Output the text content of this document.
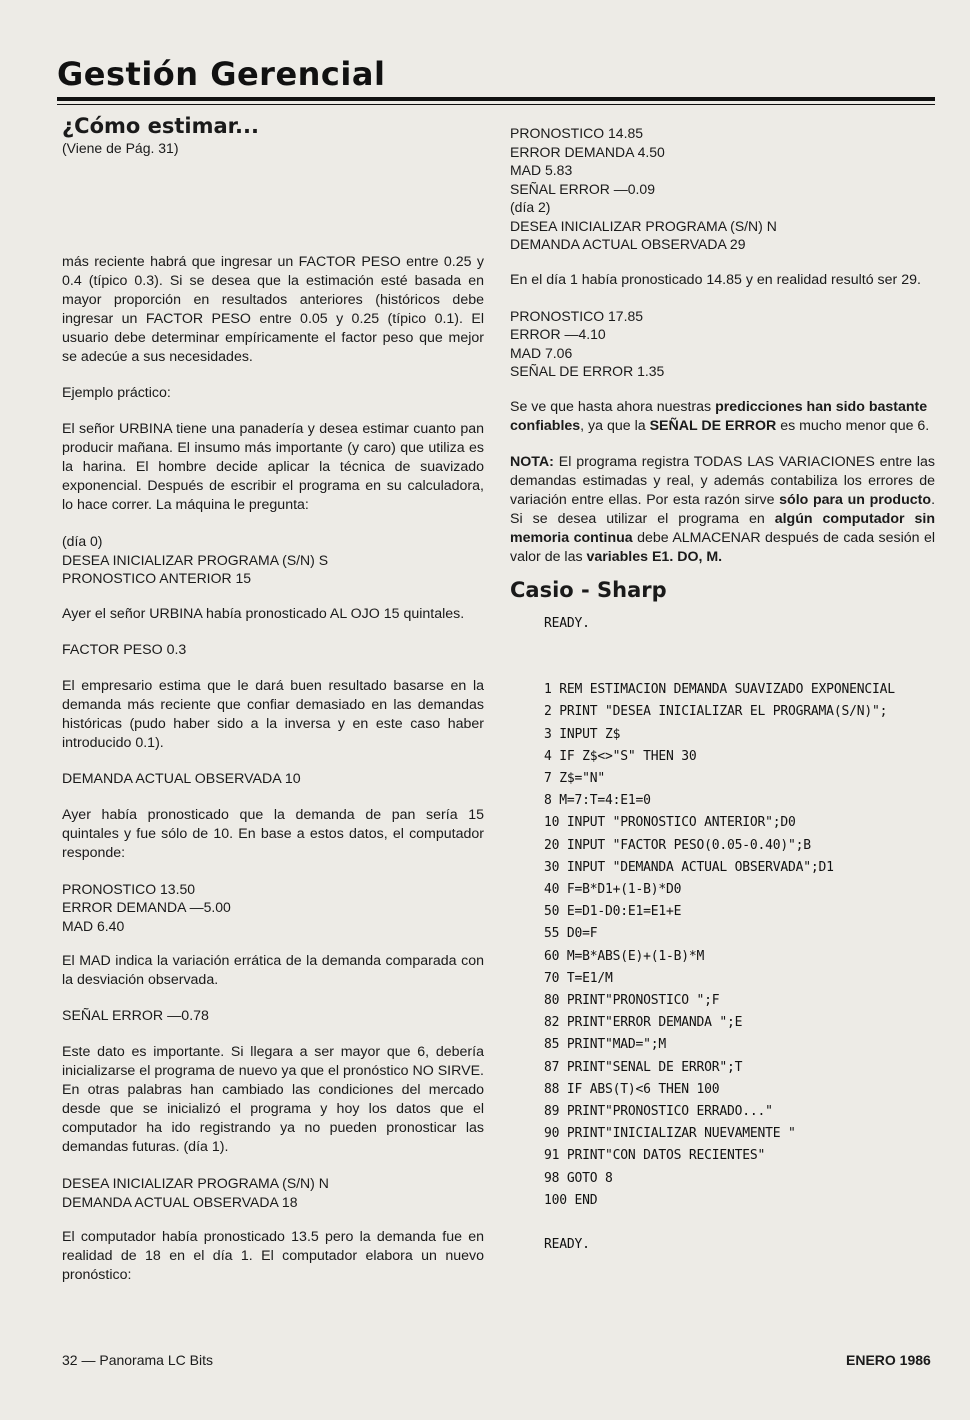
Gestión Gerencial
¿Cómo estimar...

(Viene de Pág. 31)

más reciente habrá que ingresar un FACTOR PESO entre 0.25 y 0.4 (típico 0.3). Si se desea que la estimación esté basada en mayor proporción en resultados anteriores (históricos debe ingresar un FACTOR PESO entre 0.05 y 0.25 (típico 0.1). El usuario debe determinar empíricamente el factor peso que mejor se adecúe a sus necesidades.

Ejemplo práctico:

El señor URBINA tiene una panadería y desea estimar cuanto pan producir mañana. El insumo más importante (y caro) que utiliza es la harina. El hombre decide aplicar la técnica de suavizado exponencial. Después de escribir el programa en su calculadora, lo hace correr. La máquina le pregunta:

(día 0)
DESEA INICIALIZAR PROGRAMA (S/N) S
PRONOSTICO ANTERIOR 15

Ayer el señor URBINA había pronosticado AL OJO 15 quintales.

FACTOR PESO 0.3

El empresario estima que le dará buen resultado basarse en la demanda más reciente que confiar demasiado en las demandas históricas (pudo haber sido a la inversa y en este caso haber introducido 0.1).

DEMANDA ACTUAL OBSERVADA 10

Ayer había pronosticado que la demanda de pan sería 15 quintales y fue sólo de 10. En base a estos datos, el computador responde:

PRONOSTICO 13.50
ERROR DEMANDA —5.00
MAD 6.40

El MAD indica la variación errática de la demanda comparada con la desviación observada.

SEÑAL ERROR —0.78

Este dato es importante. Si llegara a ser mayor que 6, debería inicializarse el programa de nuevo ya que el pronóstico NO SIRVE. En otras palabras han cambiado las condiciones del mercado desde que se inicializó el programa y hoy los datos que el computador ha ido registrando ya no pueden pronosticar las demandas futuras. (día 1).

DESEA INICIALIZAR PROGRAMA (S/N) N
DEMANDA ACTUAL OBSERVADA 18

El computador había pronosticado 13.5 pero la demanda fue en realidad de 18 en el día 1. El computador elabora un nuevo pronóstico:

PRONOSTICO 14.85
ERROR DEMANDA 4.50
MAD 5.83
SEÑAL ERROR —0.09
(día 2)
DESEA INICIALIZAR PROGRAMA (S/N) N
DEMANDA ACTUAL OBSERVADA 29

En el día 1 había pronosticado 14.85 y en realidad resultó ser 29.

PRONOSTICO 17.85
ERROR —4.10
MAD 7.06
SEÑAL DE ERROR 1.35

Se ve que hasta ahora nuestras predicciones han sido bastante confiables, ya que la SEÑAL DE ERROR es mucho menor que 6.

NOTA: El programa registra TODAS LAS VARIACIONES entre las demandas estimadas y real, y además contabiliza los errores de variación entre ellas. Por esta razón sirve sólo para un producto. Si se desea utilizar el programa en algún computador sin memoria continua debe ALMACENAR después de cada sesión el valor de las variables E1. DO, M.

Casio - Sharp
READY.

1 REM ESTIMACION DEMANDA SUAVIZADO EXPONENCIAL
2 PRINT "DESEA INICIALIZAR EL PROGRAMA(S/N)";
3 INPUT Z$
4 IF Z$<>"S" THEN 30
7 Z$="N"
8 M=7:T=4:E1=0
10 INPUT "PRONOSTICO ANTERIOR";D0
20 INPUT "FACTOR PESO(0.05-0.40)";B
30 INPUT "DEMANDA ACTUAL OBSERVADA";D1
40 F=B*D1+(1-B)*D0
50 E=D1-D0:E1=E1+E
55 D0=F
60 M=B*ABS(E)+(1-B)*M
70 T=E1/M
80 PRINT"PRONOSTICO ";F
82 PRINT"ERROR DEMANDA ";E
85 PRINT"MAD=";M
87 PRINT"SENAL DE ERROR";T
88 IF ABS(T)<6 THEN 100
89 PRINT"PRONOSTICO ERRADO..."
90 PRINT"INICIALIZAR NUEVAMENTE "
91 PRINT"CON DATOS RECIENTES"
98 GOTO 8
100 END

READY.
32 — Panorama LC Bits	ENERO 1986
